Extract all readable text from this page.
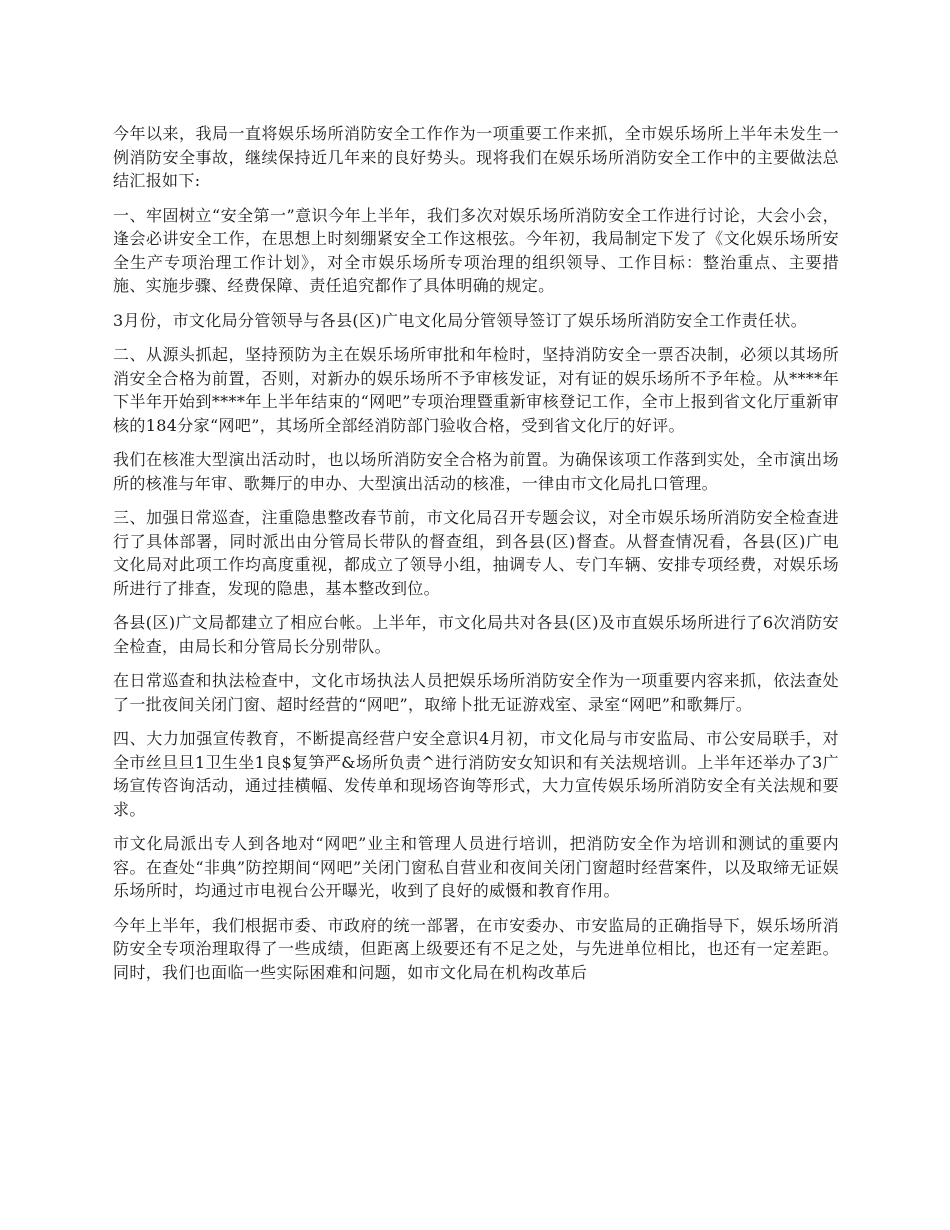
今年以来，我局一直将娱乐场所消防安全工作作为一项重要工作来抓，全市娱乐场所上半年未发生一例消防安全事故，继续保持近几年来的良好势头。现将我们在娱乐场所消防安全工作中的主要做法总结汇报如下:

一、牢固树立“安全第一”意识今年上半年，我们多次对娱乐场所消防安全工作进行讨论，大会小会，逢会必讲安全工作，在思想上时刻绷紧安全工作这根弦。今年初，我局制定下发了《文化娱乐场所安全生产专项治理工作计划》，对全市娱乐场所专项治理的组织领导、工作目标：整治重点、主要措施、实施步骤、经费保障、责任追究都作了具体明确的规定。

3月份，市文化局分管领导与各县(区)广电文化局分管领导签订了娱乐场所消防安全工作责任状。

二、从源头抓起，坚持预防为主在娱乐场所审批和年检时，坚持消防安全一票否决制，必须以其场所消安全合格为前置，否则，对新办的娱乐场所不予审核发证，对有证的娱乐场所不予年检。从****年下半年开始到****年上半年结束的“网吧”专项治理暨重新审核登记工作，全市上报到省文化厅重新审核的184分家“网吧”，其场所全部经消防部门验收合格，受到省文化厅的好评。

我们在核准大型演出活动时，也以场所消防安全合格为前置。为确保该项工作落到实处，全市演出场所的核准与年审、歌舞厅的申办、大型演出活动的核准，一律由市文化局扎口管理。

三、加强日常巡查，注重隐患整改春节前，市文化局召开专题会议，对全市娱乐场所消防安全检查进行了具体部署，同时派出由分管局长带队的督查组，到各县(区)督查。从督查情况看，各县(区)广电文化局对此项工作均高度重视，都成立了领导小组，抽调专人、专门车辆、安排专项经费，对娱乐场所进行了排查，发现的隐患，基本整改到位。

各县(区)广文局都建立了相应台帐。上半年，市文化局共对各县(区)及市直娱乐场所进行了6次消防安全检查，由局长和分管局长分别带队。

在日常巡查和执法检查中，文化市场执法人员把娱乐场所消防安全作为一项重要内容来抓，依法查处了一批夜间关闭门窗、超时经营的“网吧”，取缔卜批无证游戏室、录室“网吧”和歌舞厅。

四、大力加强宣传教育，不断提高经营户安全意识4月初，市文化局与市安监局、市公安局联手，对全市丝旦旦1卫生坐1良$复笋严&场所负责^进行消防安女知识和有关法规培训。上半年还举办了3广场宣传咨询活动，通过挂横幅、发传单和现场咨询等形式，大力宣传娱乐场所消防安全有关法规和要求。

市文化局派出专人到各地对“网吧”业主和管理人员进行培训，把消防安全作为培训和测试的重要内容。在查处“非典”防控期间“网吧”关闭门窗私自营业和夜间关闭门窗超时经营案件，以及取缔无证娱乐场所时，均通过市电视台公开曝光，收到了良好的威慑和教育作用。

今年上半年，我们根据市委、市政府的统一部署，在市安委办、市安监局的正确指导下，娱乐场所消防安全专项治理取得了一些成绩，但距离上级要还有不足之处，与先进单位相比，也还有一定差距。同时，我们也面临一些实际困难和问题，如市文化局在机构改革后
